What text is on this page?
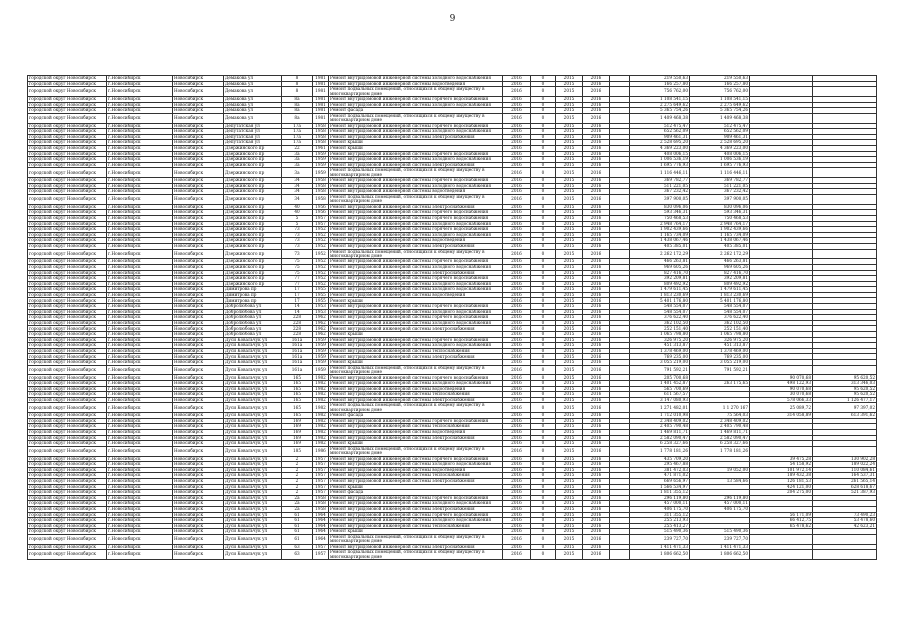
9
городской округ Новосибирск	г.Новосибирск	Новосибирск	Демакова ул	8	1981	Ремонт внутридомовой инженерной системы холодного водоснабжения	2016	0	2015	2016		219 550,63	219 550,63		
городской округ Новосибирск	г.Новосибирск	Новосибирск	Демакова ул	8	1981	Ремонт внутридомовой инженерной системы водоотведения	2016	0	2015	2016		166 257,80	166 257,80		
городской округ Новосибирск	г.Новосибирск	Новосибирск	Демакова ул	8	1981	Ремонт подвальных помещений, относящихся к общему имуществу в многоквартирном доме	2016	0	2015	2016		756 762,00	756 762,00		
городской округ Новосибирск	г.Новосибирск	Новосибирск	Демакова ул	8а	1981	Ремонт внутридомовой инженерной системы горячего водоснабжения	2016	0	2015	2016		1 108 541,15	1 108 541,15		
городской округ Новосибирск	г.Новосибирск	Новосибирск	Демакова ул	8а	1981	Ремонт внутридомовой инженерной системы холодного водоснабжения	2016	0	2015	2016		2 275 649,62	2 275 649,62		
городской округ Новосибирск	г.Новосибирск	Новосибирск	Демакова ул	8а	1981	Ремонт фасада	2016	0	2015	2016		5 365 754,26	5 365 754,26		
городской округ Новосибирск	г.Новосибирск	Новосибирск	Демакова ул	8а	1981	Ремонт подвальных помещений, относящихся к общему имуществу в многоквартирном доме	2016	0	2015	2016		1 409 468,38	1 409 468,38		
городской округ Новосибирск	г.Новосибирск	Новосибирск	Депутатская ул	17а	1958	Ремонт внутридомовой инженерной системы горячего водоснабжения	2016	0	2015	2016		512 475,47	512 475,47		
городской округ Новосибирск	г.Новосибирск	Новосибирск	Депутатская ул	17а	1958	Ремонт внутридомовой инженерной системы холодного водоснабжения	2016	0	2015	2016		652 562,09	652 562,09		
городской округ Новосибирск	г.Новосибирск	Новосибирск	Депутатская ул	17а	1958	Ремонт внутридомовой инженерной системы электроснабжения	2016	0	2015	2016		909 461,31	909 461,31		
городской округ Новосибирск	г.Новосибирск	Новосибирск	Депутатская ул	17а	1958	Ремонт крыши	2016	0	2015	2016		2 528 695,20	2 528 695,20		
городской округ Новосибирск	г.Новосибирск	Новосибирск	Дзержинского пр	22	1961	Ремонт крыши	2016	0	2015	2016		4 369 223,00	4 369 223,00		
городской округ Новосибирск	г.Новосибирск	Новосибирск	Дзержинского пр	3а	1959	Ремонт внутридомовой инженерной системы горячего водоснабжения	2016	0	2015	2016		408 006,15	408 006,15		
городской округ Новосибирск	г.Новосибирск	Новосибирск	Дзержинского пр	3а	1959	Ремонт внутридомовой инженерной системы холодного водоснабжения	2016	0	2015	2016		1 006 536,19	1 006 536,19		
городской округ Новосибирск	г.Новосибирск	Новосибирск	Дзержинского пр	3а	1959	Ремонт внутридомовой инженерной системы электроснабжения	2016	0	2015	2016		1 695 776,93	1 695 776,93		
городской округ Новосибирск	г.Новосибирск	Новосибирск	Дзержинского пр	3а	1959	Ремонт подвальных помещений, относящихся к общему имуществу в многоквартирном доме	2016	0	2015	2016		1 116 446,11	1 116 446,11		
городской округ Новосибирск	г.Новосибирск	Новосибирск	Дзержинского пр	34	1958	Ремонт внутридомовой инженерной системы горячего водоснабжения	2016	0	2015	2016		369 782,77	369 782,77		
городской округ Новосибирск	г.Новосибирск	Новосибирск	Дзержинского пр	34	1958	Ремонт внутридомовой инженерной системы холодного водоснабжения	2016	0	2015	2016		511 221,05	511 221,05		
городской округ Новосибирск	г.Новосибирск	Новосибирск	Дзержинского пр	34	1958	Ремонт внутридомовой инженерной системы водоотведения	2016	0	2015	2016		367 232,42	367 232,42		
городской округ Новосибирск	г.Новосибирск	Новосибирск	Дзержинского пр	34	1958	Ремонт подвальных помещений, относящихся к общему имуществу в многоквартирном доме	2016	0	2015	2016		397 900,05	397 900,05		
городской округ Новосибирск	г.Новосибирск	Новосибирск	Дзержинского пр	40	1956	Ремонт внутридомовой инженерной системы электроснабжения	2016	0	2015	2016		830 096,06	830 096,06		
городской округ Новосибирск	г.Новосибирск	Новосибирск	Дзержинского пр	40	1956	Ремонт внутридомовой инженерной системы горячего водоснабжения	2016	0	2015	2016		593 346,31	593 346,31		
городской округ Новосибирск	г.Новосибирск	Новосибирск	Дзержинского пр	5	1957	Ремонт внутридомовой инженерной системы горячего водоснабжения	2016	0	2015	2016		750 468,53	750 468,53		
городской округ Новосибирск	г.Новосибирск	Новосибирск	Дзержинского пр	5	1957	Ремонт внутридомовой инженерной системы холодного водоснабжения	2016	0	2015	2016		2 948 764,17	2 948 764,17		
городской округ Новосибирск	г.Новосибирск	Новосибирск	Дзержинского пр	73	1952	Ремонт внутридомовой инженерной системы горячего водоснабжения	2016	0	2015	2016		1 902 439,66	1 902 439,66		
городской округ Новосибирск	г.Новосибирск	Новосибирск	Дзержинского пр	73	1952	Ремонт внутридомовой инженерной системы холодного водоснабжения	2016	0	2015	2016		1 165 734,09	1 165 734,09		
городской округ Новосибирск	г.Новосибирск	Новосибирск	Дзержинского пр	73	1952	Ремонт внутридомовой инженерной системы водоотведения	2016	0	2015	2016		1 438 067,46	1 438 067,46		
городской округ Новосибирск	г.Новосибирск	Новосибирск	Дзержинского пр	73	1952	Ремонт внутридомовой инженерной системы электроснабжения	2016	0	2015	2016		405 385,01	405 385,01		
городской округ Новосибирск	г.Новосибирск	Новосибирск	Дзержинского пр	73	1952	Ремонт подвальных помещений, относящихся к общему имуществу в многоквартирном доме	2016	0	2015	2016		2 262 172,29	2 262 172,29		
городской округ Новосибирск	г.Новосибирск	Новосибирск	Дзержинского пр	75	1952	Ремонт внутридомовой инженерной системы горячего водоснабжения	2016	0	2015	2016		466 263,81	466 263,81		
городской округ Новосибирск	г.Новосибирск	Новосибирск	Дзержинского пр	75	1952	Ремонт внутридомовой инженерной системы холодного водоснабжения	2016	0	2015	2016		969 605,26	969 605,26		
городской округ Новосибирск	г.Новосибирск	Новосибирск	Дзержинского пр	75	1952	Ремонт внутридомовой инженерной системы электроснабжения	2016	0	2015	2016		827 416,70	827 416,70		
городской округ Новосибирск	г.Новосибирск	Новосибирск	Дзержинского пр	77	1952	Ремонт внутридомовой инженерной системы горячего водоснабжения	2016	0	2015	2016		392 209,81	392 209,81		
городской округ Новосибирск	г.Новосибирск	Новосибирск	Дзержинского пр	77	1952	Ремонт внутридомовой инженерной системы холодного водоснабжения	2016	0	2015	2016		809 492,92	809 492,92		
городской округ Новосибирск	г.Новосибирск	Новосибирск	Димитрова пр	17	1955	Ремонт внутридомовой инженерной системы холодного водоснабжения	2016	0	2015	2016		1 479 611,45	1 479 611,45		
городской округ Новосибирск	г.Новосибирск	Новосибирск	Димитрова пр	17	1955	Ремонт внутридомовой инженерной системы водоотведения	2016	0	2015	2016		1 813 230,69	1 813 230,69		
городской округ Новосибирск	г.Новосибирск	Новосибирск	Димитрова пр	17	1955	Ремонт крыши	2016	0	2015	2016		5 401 176,80	5 401 176,80		
городской округ Новосибирск	г.Новосибирск	Новосибирск	Добролюбова ул	14	1953	Ремонт внутридомовой инженерной системы горячего водоснабжения	2016	0	2015	2016		548 554,07	548 554,07		
городской округ Новосибирск	г.Новосибирск	Новосибирск	Добролюбова ул	14	1953	Ремонт внутридомовой инженерной системы холодного водоснабжения	2016	0	2015	2016		548 554,07	548 554,07		
городской округ Новосибирск	г.Новосибирск	Новосибирск	Добролюбова ул	228	1962	Ремонт внутридомовой инженерной системы горячего водоснабжения	2016	0	2015	2016		376 622,40	376 622,40		
городской округ Новосибирск	г.Новосибирск	Новосибирск	Добролюбова ул	228	1962	Ремонт внутридомовой инженерной системы холодного водоснабжения	2016	0	2015	2016		362 102,50	362 102,50		
городской округ Новосибирск	г.Новосибирск	Новосибирск	Добролюбова ул	228	1962	Ремонт внутридомовой инженерной системы электроснабжения	2016	0	2015	2016		252 151,40	252 151,40		
городской округ Новосибирск	г.Новосибирск	Новосибирск	Добролюбова ул	228	1962	Ремонт крыши	2016	0	2015	2016		1 065 798,80	1 065 798,80		
городской округ Новосибирск	г.Новосибирск	Новосибирск	Дуси Ковальчук ул	161а	1959	Ремонт внутридомовой инженерной системы горячего водоснабжения	2016	0	2015	2016		326 975,20	326 975,20		
городской округ Новосибирск	г.Новосибирск	Новосибирск	Дуси Ковальчук ул	161а	1959	Ремонт внутридомовой инженерной системы холодного водоснабжения	2016	0	2015	2016		451 313,87	451 313,87		
городской округ Новосибирск	г.Новосибирск	Новосибирск	Дуси Ковальчук ул	161а	1959	Ремонт внутридомовой инженерной системы теплоснабжения	2016	0	2015	2016		1 378 469,00	1 378 469,00		
городской округ Новосибирск	г.Новосибирск	Новосибирск	Дуси Ковальчук ул	161а	1959	Ремонт внутридомовой инженерной системы электроснабжения	2016	0	2015	2016		769 235,00	769 235,00		
городской округ Новосибирск	г.Новосибирск	Новосибирск	Дуси Ковальчук ул	161а	1959	Ремонт крыши	2016	0	2015	2016		3 055 219,00	3 055 219,00		
городской округ Новосибирск	г.Новосибирск	Новосибирск	Дуси Ковальчук ул	161а	1959	Ремонт подвальных помещений, относящихся к общему имуществу в многоквартирном доме	2016	0	2015	2016		791 592,21	791 592,21		
городской округ Новосибирск	г.Новосибирск	Новосибирск	Дуси Ковальчук ул	165	1982	Ремонт внутридомовой инженерной системы горячего водоснабжения	2016	0	2015	2016		205 700,68		90 070,68	95 620,52
городской округ Новосибирск	г.Новосибирск	Новосибирск	Дуси Ковальчук ул	165	1982	Ремонт внутридомовой инженерной системы холодного водоснабжения	2016	0	2015	2016		1 401 452,87	263 175,65	498 122,93	313 346,03
городской округ Новосибирск	г.Новосибирск	Новосибирск	Дуси Ковальчук ул	165	1982	Ремонт внутридомовой инженерной системы водоотведения	2016	0	2015	2016		565 700,69		90 070,68	95 620,52
городской округ Новосибирск	г.Новосибирск	Новосибирск	Дуси Ковальчук ул	165	1982	Ремонт внутридомовой инженерной системы теплоснабжения	2016	0	2015	2016		611 567,57		30 070,68	95 620,52
городской округ Новосибирск	г.Новосибирск	Новосибирск	Дуси Ковальчук ул	165	1982	Ремонт внутридомовой инженерной системы электроснабжения	2016	0	2015	2016		3 147 080,93		578 066,33	1 126 477,17
городской округ Новосибирск	г.Новосибирск	Новосибирск	Дуси Ковальчук ул	165	1982	Ремонт подвальных помещений, относящихся к общему имуществу в многоквартирном доме	2016	0	2015	2016		1 271 482,01	1 1 270 167	25 089,72	97 397,02
городской округ Новосибирск	г.Новосибирск	Новосибирск	Дуси Ковальчук ул	165	1982	Ремонт фасада	2016	0	2015	2016		1 712 010,98	75 564,03	314 058,89	613 391,62
городской округ Новосибирск	г.Новосибирск	Новосибирск	Дуси Ковальчук ул	169	1982	Ремонт внутридомовой инженерной системы горячего водоснабжения	2016	0	2015	2016		2 348 409,02	2 348 409,02		
городской округ Новосибирск	г.Новосибирск	Новосибирск	Дуси Ковальчук ул	169	1982	Ремонт внутридомовой инженерной системы теплоснабжения	2016	0	2015	2016		2 405 790,48	2 405 790,48		
городской округ Новосибирск	г.Новосибирск	Новосибирск	Дуси Ковальчук ул	169	1982	Ремонт внутридомовой инженерной системы водоотведения	2016	0	2015	2016		1 469 811,71	1 469 811,71		
городской округ Новосибирск	г.Новосибирск	Новосибирск	Дуси Ковальчук ул	169	1982	Ремонт внутридомовой инженерной системы электроснабжения	2016	0	2015	2016		2 582 090,47	2 582 090,47		
городской округ Новосибирск	г.Новосибирск	Новосибирск	Дуси Ковальчук ул	169	1982	Ремонт крыши	2016	0	2015	2016		6 258 327,66	6 258 327,66		
городской округ Новосибирск	г.Новосибирск	Новосибирск	Дуси Ковальчук ул	185	1986	Ремонт подвальных помещений, относящихся к общему имуществу в многоквартирном доме	2016	0	2015	2016		1 778 181,26	1 778 181,26		
городской округ Новосибирск	г.Новосибирск	Новосибирск	Дуси Ковальчук ул	2	1957	Ремонт внутридомовой инженерной системы горячего водоснабжения	2016	0	2015	2016		435 709,20		39 475,28	130 902,28
городской округ Новосибирск	г.Новосибирск	Новосибирск	Дуси Ковальчук ул	2	1957	Ремонт внутридомовой инженерной системы холодного водоснабжения	2016	0	2015	2016		295 467,88		54 158,92	189 022,24
городской округ Новосибирск	г.Новосибирск	Новосибирск	Дуси Ковальчук ул	2	1957	Ремонт внутридомовой инженерной системы водоотведения	2016	0	2015	2016		381 472,03	19 052,00	101 972,14	110 084,61
городской округ Новосибирск	г.Новосибирск	Новосибирск	Дуси Ковальчук ул	2	1957	Ремонт внутридомовой инженерной системы теплоснабжения	2016	0	2015	2016		471 871,02		189 432,38	164 537,31
городской округ Новосибирск	г.Новосибирск	Новосибирск	Дуси Ковальчук ул	2	1957	Ремонт внутридомовой инженерной системы электроснабжения	2016	0	2015	2016		669 656,97	13 584,66	126 181,53	261 565,14
городской округ Новосибирск	г.Новосибирск	Новосибирск	Дуси Ковальчук ул	2	1957	Ремонт крыши	2016	0	2015	2016		1 566 534,97		424 121,00	628 618,67
городской округ Новосибирск	г.Новосибирск	Новосибирск	Дуси Ковальчук ул	2	1957	Ремонт фасада	2016	0	2015	2016		1 811 355,12		204 275,00	521 387,93
городской округ Новосибирск	г.Новосибирск	Новосибирск	Дуси Ковальчук ул	2а	1958	Ремонт внутридомовой инженерной системы горячего водоснабжения	2016	0	2015	2016		296 119,80	296 119,80		
городской округ Новосибирск	г.Новосибирск	Новосибирск	Дуси Ковальчук ул	2а	1958	Ремонт внутридомовой инженерной системы холодного водоснабжения	2016	0	2015	2016		457 000,11	457 000,11		
городской округ Новосибирск	г.Новосибирск	Новосибирск	Дуси Ковальчук ул	2а	1958	Ремонт внутридомовой инженерной системы электроснабжения	2016	0	2015	2016		406 175,70	406 175,70		
городской округ Новосибирск	г.Новосибирск	Новосибирск	Дуси Ковальчук ул	61	1964	Ремонт внутридомовой инженерной системы горячего водоснабжения	2016	0	2015	2016		311 355,12		56 171,09	73 490,23
городской округ Новосибирск	г.Новосибирск	Новосибирск	Дуси Ковальчук ул	61	1964	Ремонт внутридомовой инженерной системы холодного водоснабжения	2016	0	2015	2016		255 213,93		66 412,75	53 478,60
городской округ Новосибирск	г.Новосибирск	Новосибирск	Дуси Ковальчук ул	61	1964	Ремонт внутридомовой инженерной системы теплоснабжения	2016	0	2015	2016		255 413,27		65 478,62	42 623,21
городской округ Новосибирск	г.Новосибирск	Новосибирск	Дуси Ковальчук ул	61	1964	Ремонт крыши	2016	0	2015	2016		515 490,36	515 490,36		
городской округ Новосибирск	г.Новосибирск	Новосибирск	Дуси Ковальчук ул	61	1964	Ремонт подвальных помещений, относящихся к общему имуществу в многоквартирном доме	2016	0	2015	2016		239 727,70	239 727,70		
городской округ Новосибирск	г.Новосибирск	Новосибирск	Дуси Ковальчук ул	63	1957	Ремонт внутридомовой инженерной системы электроснабжения	2016	0	2015	2016		1 411 471,33	1 411 471,33		
городской округ Новосибирск	г.Новосибирск	Новосибирск	Дуси Ковальчук ул	63	1957	Ремонт подвальных помещений, относящихся к общему имуществу в многоквартирном доме	2016	0	2015	2016		1 806 662,50	1 806 662,50		
